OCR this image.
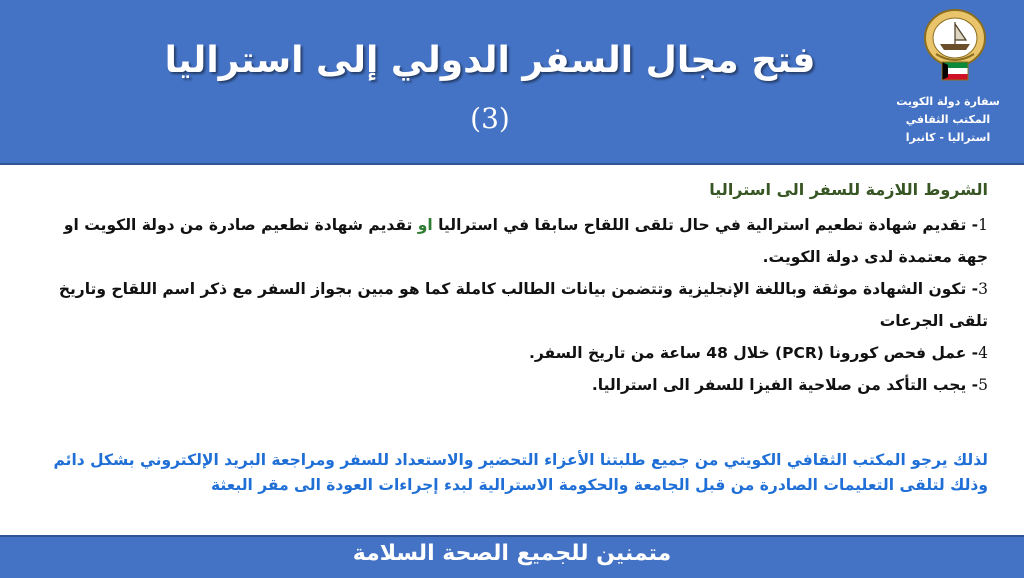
فتح مجال السفر الدولي إلى استراليا
(3)
سفارة دولة الكويت
المكتب الثقافي
استراليا - كانبرا
الشروط اللازمة للسفر الى استراليا
1- تقديم شهادة تطعيم استرالية في حال تلقى اللقاح سابقا في استراليا او تقديم شهادة تطعيم صادرة من دولة الكويت او جهة معتمدة لدى دولة الكويت.
3- تكون الشهادة موثقة وباللغة الإنجليزية وتتضمن بيانات الطالب كاملة كما هو مبين بجواز السفر مع ذكر اسم اللقاح وتاريخ تلقى الجرعات
4- عمل فحص كورونا (PCR) خلال 48 ساعة من تاريخ السفر.
5- يجب التأكد من صلاحية الفيزا للسفر الى استراليا.
لذلك يرجو المكتب الثقافي الكويتي من جميع طلبتنا الأعزاء التحضير والاستعداد للسفر ومراجعة البريد الإلكتروني بشكل دائم وذلك لتلقى التعليمات الصادرة من قبل الجامعة والحكومة الاسترالية لبدء إجراءات العودة الى مقر البعثة
متمنين للجميع الصحة السلامة
